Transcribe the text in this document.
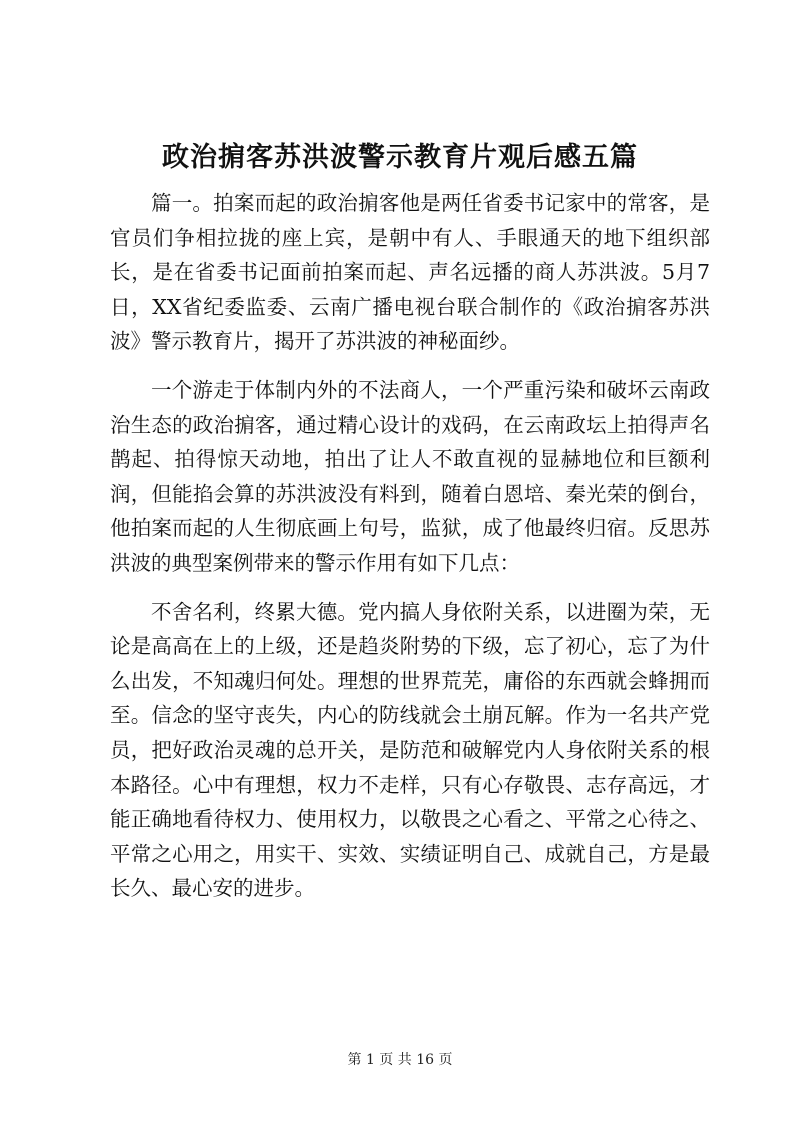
政治掮客苏洪波警示教育片观后感五篇

篇一。拍案而起的政治掮客他是两任省委书记家中的常客，是官员们争相拉拢的座上宾，是朝中有人、手眼通天的地下组织部长，是在省委书记面前拍案而起、声名远播的商人苏洪波。5月7日，XX省纪委监委、云南广播电视台联合制作的《政治掮客苏洪波》警示教育片，揭开了苏洪波的神秘面纱。

一个游走于体制内外的不法商人，一个严重污染和破坏云南政治生态的政治掮客，通过精心设计的戏码，在云南政坛上拍得声名鹊起、拍得惊天动地，拍出了让人不敢直视的显赫地位和巨额利润，但能掐会算的苏洪波没有料到，随着白恩培、秦光荣的倒台，他拍案而起的人生彻底画上句号，监狱，成了他最终归宿。反思苏洪波的典型案例带来的警示作用有如下几点：

不舍名利，终累大德。党内搞人身依附关系，以进圈为荣，无论是高高在上的上级，还是趋炎附势的下级，忘了初心，忘了为什么出发，不知魂归何处。理想的世界荒芜，庸俗的东西就会蜂拥而至。信念的坚守丧失，内心的防线就会土崩瓦解。作为一名共产党员，把好政治灵魂的总开关，是防范和破解党内人身依附关系的根本路径。心中有理想，权力不走样，只有心存敬畏、志存高远，才能正确地看待权力、使用权力，以敬畏之心看之、平常之心待之、平常之心用之，用实干、实效、实绩证明自己、成就自己，方是最长久、最心安的进步。

第 1 页 共 16 页
